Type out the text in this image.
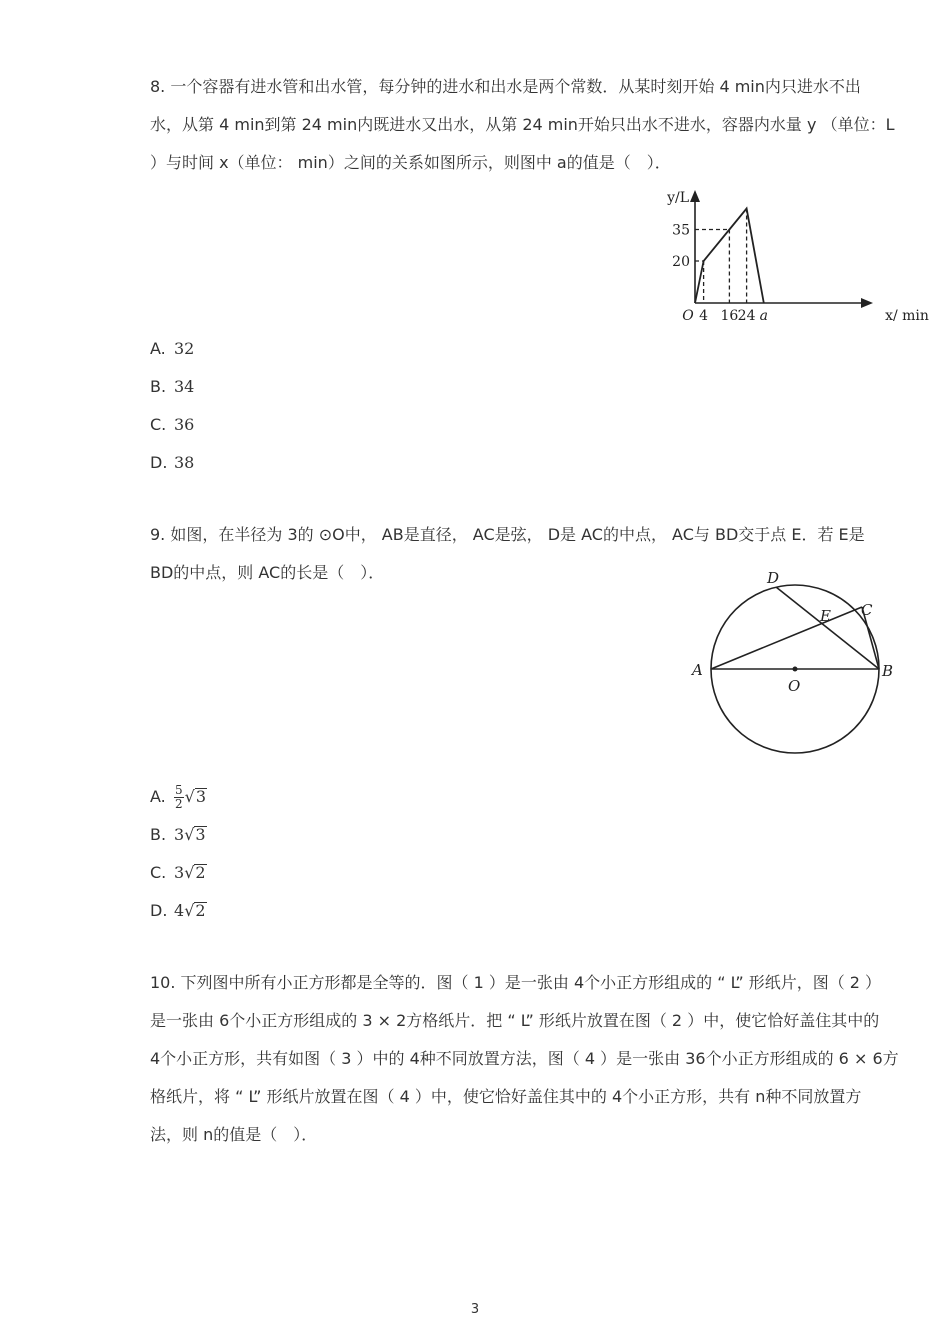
8. 一个容器有进水管和出水管，每分钟的进水和出水是两个常数．从某时刻开始 4 min内只进水不出
水，从第 4 min到第 24 min内既进水又出水，从第 24 min开始只出水不进水，容器内水量 y （单位：L
）与时间 x（单位： min）之间的关系如图所示，则图中 a的值是（　）．
4 16 24 a
20
35
O	x/ min
y/L
A. 32
B. 34
C. 36
D. 38
9. 如图，在半径为 3的 ⊙O中， AB是直径， AC是弦， D是 AC的中点， AC与 BD交于点 E．若 E是
BD的中点，则 AC的长是（　）．
A	B
C
D
E
O
A. $\frac{5}{2} √3$
B. 3√3
C. 3√2
D. 4√2
10. 下列图中所有小正方形都是全等的．图（ 1 ）是一张由 4个小正方形组成的 “ L” 形纸片，图（ 2 ）
是一张由 6个小正方形组成的 3 × 2方格纸片．把 “ L” 形纸片放置在图（ 2 ）中，使它恰好盖住其中的
4个小正方形，共有如图（ 3 ）中的 4种不同放置方法，图（ 4 ）是一张由 36个小正方形组成的 6 × 6方
格纸片，将 “ L” 形纸片放置在图（ 4 ）中，使它恰好盖住其中的 4个小正方形，共有 n种不同放置方
法，则 n的值是（　）．
3
